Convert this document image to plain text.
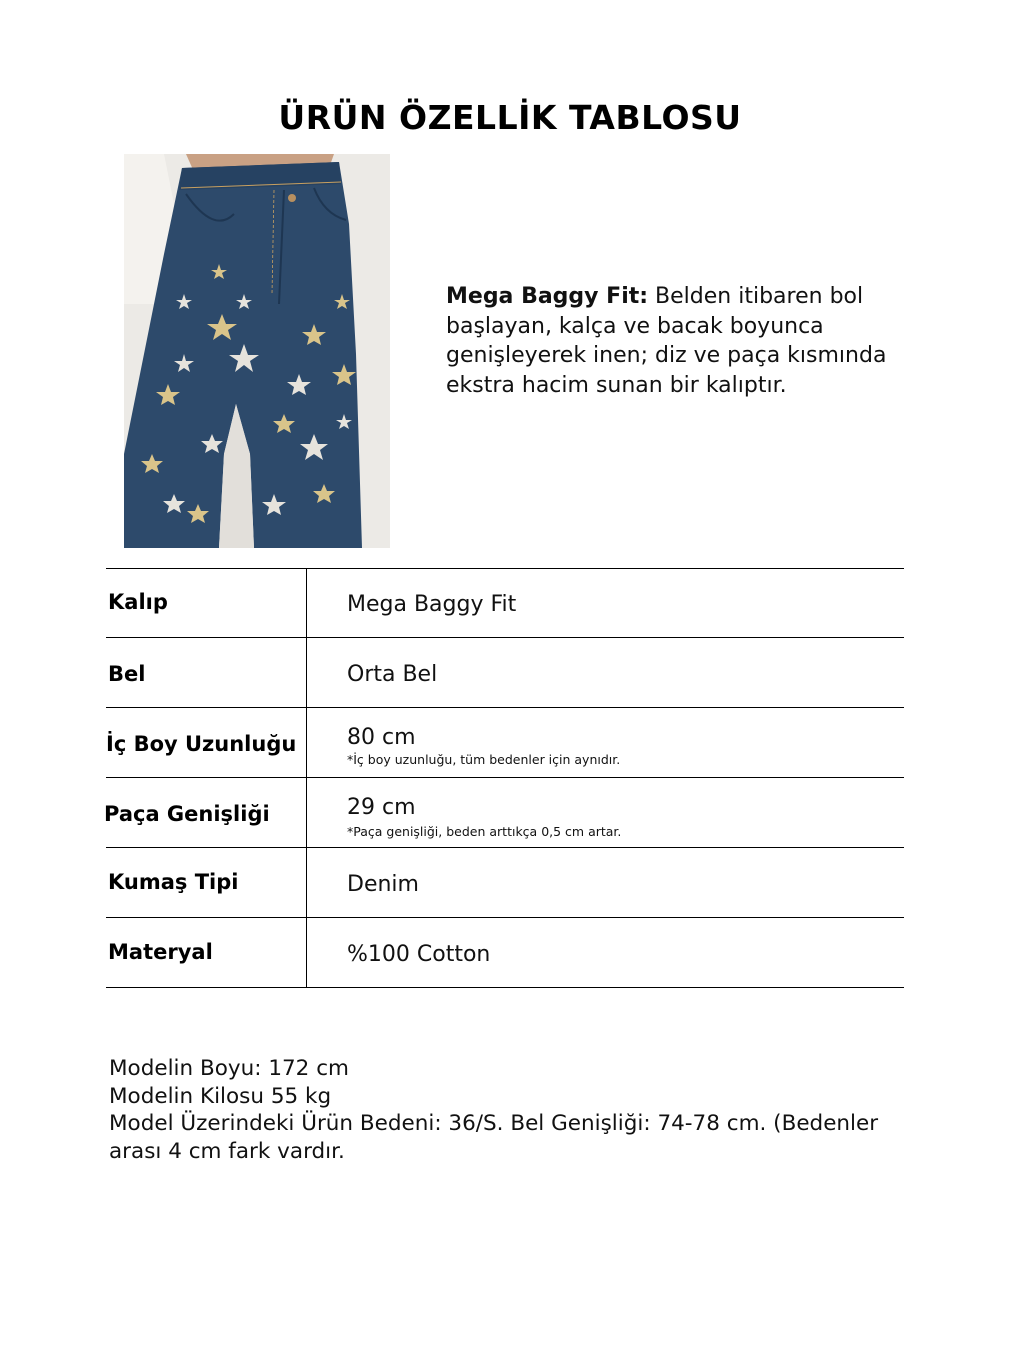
ÜRÜN ÖZELLİK TABLOSU
Mega Baggy Fit: Belden itibaren bol başlayan, kalça ve bacak boyunca genişleyerek inen; diz ve paça kısmında ekstra hacim sunan bir kalıptır.
Kalıp	Mega Baggy Fit
Bel	Orta Bel
İç Boy Uzunluğu 80 cm
*İç boy uzunluğu, tüm bedenler için aynıdır.
Paça Genişliği	29 cm
*Paça genişliği, beden arttıkça 0,5 cm artar.
Kumaş Tipi	Denim
Materyal	%100 Cotton
Modelin Boyu: 172 cm
Modelin Kilosu 55 kg
Model Üzerindeki Ürün Bedeni: 36/S. Bel Genişliği: 74-78 cm. (Bedenler arası 4 cm fark vardır.
